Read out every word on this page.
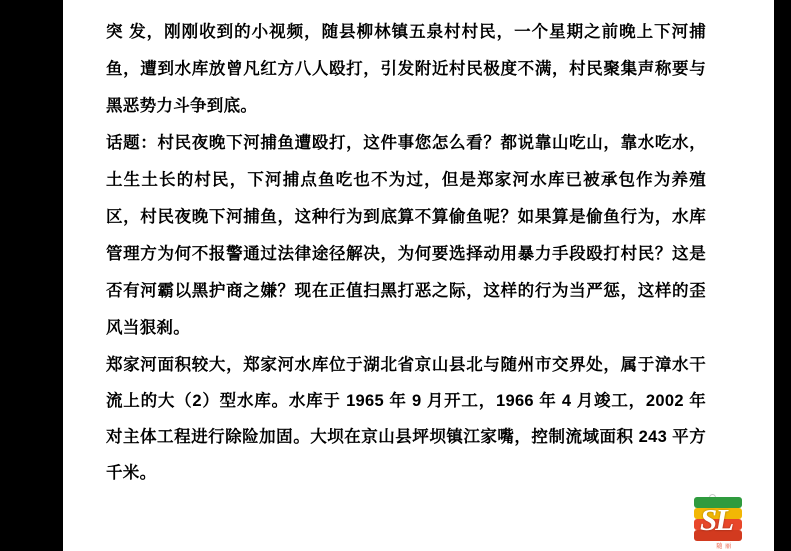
突 发，刚刚收到的小视频，随县柳林镇五泉村村民，一个星期之前晚上下河捕鱼，遭到水库放曾凡红方八人殴打，引发附近村民极度不满，村民聚集声称要与黑恶势力斗争到底。

话题：村民夜晚下河捕鱼遭殴打，这件事您怎么看？都说靠山吃山，靠水吃水，土生土长的村民，下河捕点鱼吃也不为过，但是郑家河水库已被承包作为养殖区，村民夜晚下河捕鱼，这种行为到底算不算偷鱼呢？如果算是偷鱼行为，水库管理方为何不报警通过法律途径解决，为何要选择动用暴力手段殴打村民？这是否有河霸以黑护商之嫌？现在正值扫黑打恶之际，这样的行为当严惩，这样的歪风当狠刹。

郑家河面积较大，郑家河水库位于湖北省京山县北与随州市交界处，属于漳水干流上的大（2）型水库。水库于 1965 年 9 月开工，1966 年 4 月竣工，2002 年对主体工程进行除险加固。大坝在京山县坪坝镇江家嘴，控制流域面积 243 平方千米。

SL
随 丽
